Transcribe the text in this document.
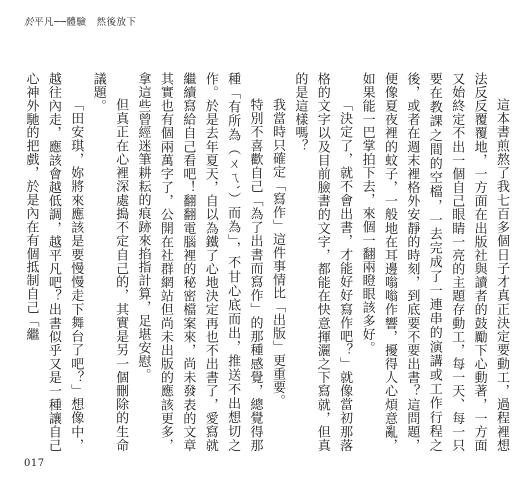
於平凡──體驗　然後放下

這本書煎熬了我七百多個日子才真正決定要動工，過程裡想法反反覆覆地，一方面在出版社與讀者的鼓勵下心動著，一方面又始終定不出一個自己眼睛一亮的主題存動工，每一天、每一只要在教課之間的空檔，一去完成了一連串的演講或工作行程之後，或者在週末裡格外安靜的時刻，到底要不要出書？這問題，便像夏夜裡的蚊子，一般地在耳邊嗡嗡作響，擾得人心煩意亂，如果能一巴掌拍下去，來個一翻兩瞪眼該多好。

「決定了，就不會出書，才能好好寫作吧？」就像當初那落格的文字以及目前臉書的文字，都能在快意揮灑之下寫就，但真的是這樣嗎？

我當時只確定「寫作」這件事情比「出版」更重要。

特別不喜歡自己「為了出書而寫作」的那種感覺，總覺得那種「有所為（ㄨㄟˋ）而為」，不甘心底而出，推送不出想切之作。於是去年夏天，自以為鐵了心地決定再也不出書了，愛寫就繼續寫給自己看吧！翻翻電腦裡的秘密檔案來，尚未發表的文章其實也有個兩萬字了，公開在社群網站但尚未出版的應該更多，拿這些曾經迷筆耕耘的痕跡來掐指計算，足堪安慰。

但真正在心裡深處搗不定自己的，其實是另一個刪除的生命議題。

「田安琪，妳將來應該是要慢慢走下舞台了吧？」想像中，越往內走，應該會越低調，越平凡吧？出書似乎又是一種讓自己心神外馳的把戲，於是內在有個抵制自己「繼

017
